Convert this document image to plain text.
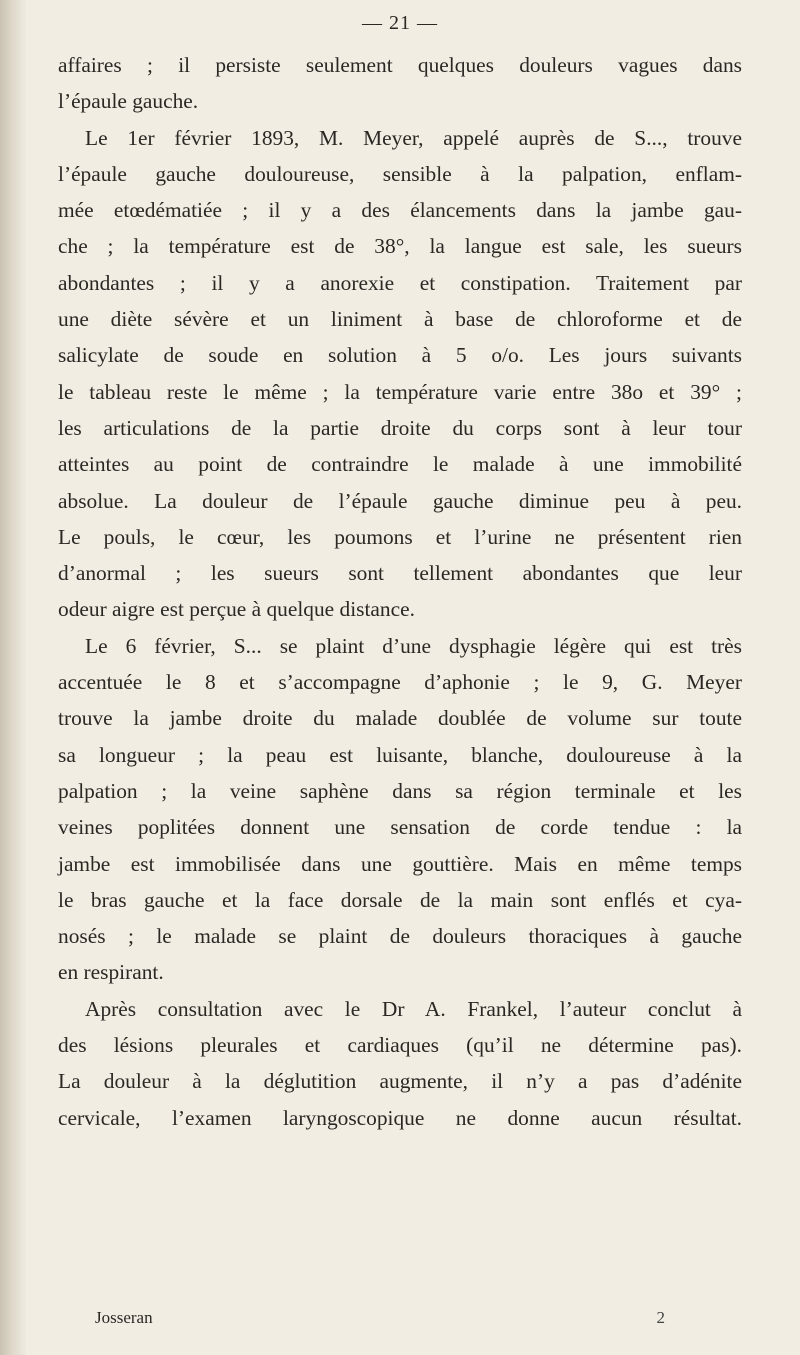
— 21 —

affaires ; il persiste seulement quelques douleurs vagues dans

l’épaule gauche.

Le 1er février 1893, M. Meyer, appelé auprès de S..., trouve

l’épaule gauche douloureuse, sensible à la palpation, enflam-

mée etœdématiée ; il y a des élancements dans la jambe gau-

che ; la température est de 38°, la langue est sale, les sueurs

abondantes ; il y a anorexie et constipation. Traitement par

une diète sévère et un liniment à base de chloroforme et de

salicylate de soude en solution à 5 o/o. Les jours suivants

le tableau reste le même ; la température varie entre 38o et 39° ;

les articulations de la partie droite du corps sont à leur tour

atteintes au point de contraindre le malade à une immobilité

absolue. La douleur de l’épaule gauche diminue peu à peu.

Le pouls, le cœur, les poumons et l’urine ne présentent rien

d’anormal ; les sueurs sont tellement abondantes que leur

odeur aigre est perçue à quelque distance.

Le 6 février, S... se plaint d’une dysphagie légère qui est très

accentuée le 8 et s’accompagne d’aphonie ; le 9, G. Meyer

trouve la jambe droite du malade doublée de volume sur toute

sa longueur ; la peau est luisante, blanche, douloureuse à la

palpation ; la veine saphène dans sa région terminale et les

veines poplitées donnent une sensation de corde tendue : la

jambe est immobilisée dans une gouttière. Mais en même temps

le bras gauche et la face dorsale de la main sont enflés et cya-

nosés ; le malade se plaint de douleurs thoraciques à gauche

en respirant.

Après consultation avec le Dr A. Frankel, l’auteur conclut à

des lésions pleurales et cardiaques (qu’il ne détermine pas).

La douleur à la déglutition augmente, il n’y a pas d’adénite

cervicale, l’examen laryngoscopique ne donne aucun résultat.

Josseran	2
